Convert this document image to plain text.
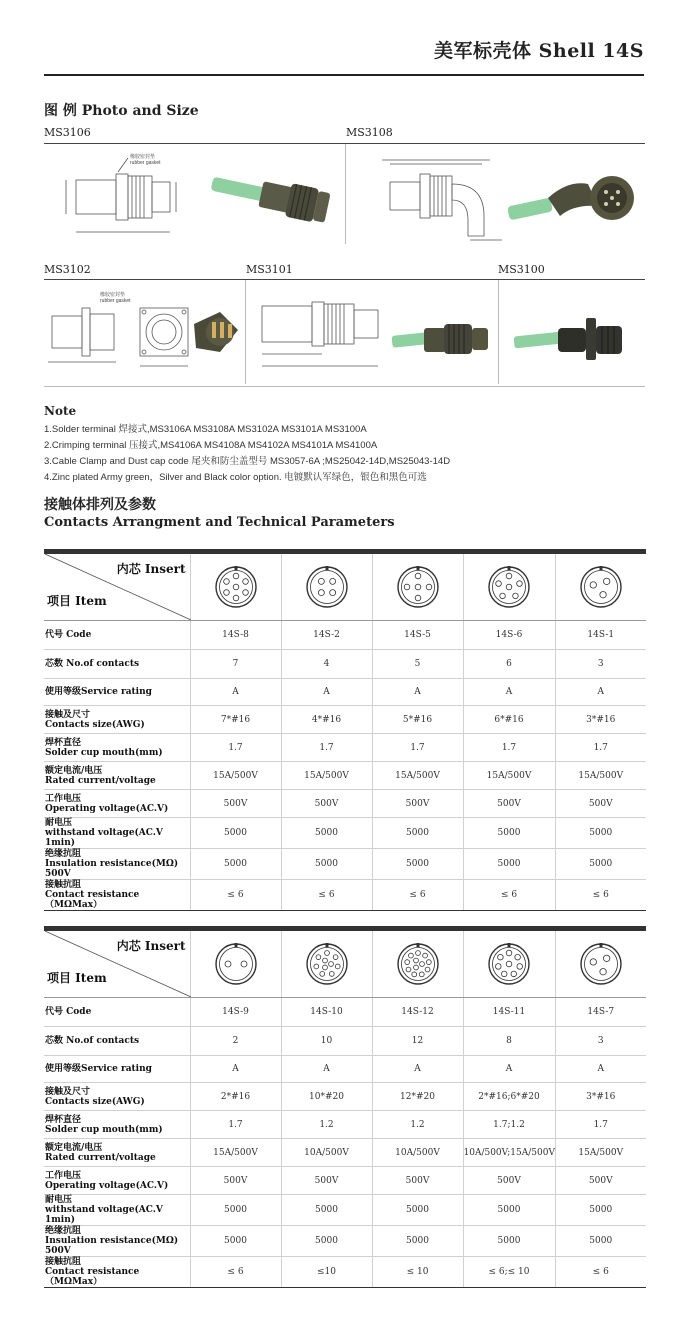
美军标壳体 Shell 14S
图 例 Photo and Size
MS3106	MS3108
MS3102	MS3101	MS3100
橡胶密封垫
rubber gasket
橡胶密封垫
rubber gasket
Note
1.Solder terminal 焊接式,MS3106A MS3108A MS3102A MS3101A MS3100A
2.Crimping terminal 压接式,MS4106A MS4108A MS4102A MS4101A MS4100A
3.Cable Clamp and Dust cap code 尾夹和防尘盖型号 MS3057-6A ;MS25042-14D,MS25043-14D
4.Zinc plated Army green，Silver and Black color option. 电镀默认军绿色，银色和黑色可选
接触体排列及参数
Contacts Arrangment and Technical Parameters
内芯 Insert
项目 Item

代号 Code	14S-8	14S-2	14S-5	14S-6	14S-1

芯数 No.of contacts	7	4	5	6	3

使用等级Service rating	A	A	A	A	A

接触及尺寸
Contacts size(AWG)	7*#16	4*#16	5*#16	6*#16	3*#16

焊杯直径
Solder cup mouth(mm)	1.7	1.7	1.7	1.7	1.7

额定电流/电压
Rated current/voltage	15A/500V	15A/500V	15A/500V	15A/500V	15A/500V

工作电压
Operating voltage(AC.V)	500V	500V	500V	500V	500V

耐电压
withstand voltage(AC.V 1min)	5000	5000	5000	5000	5000

绝缘抗阻
Insulation resistance(MΩ) 500V	5000	5000	5000	5000	5000

接触抗阻
Contact resistance（MΩMax）	≤ 6	≤ 6	≤ 6	≤ 6	≤ 6
内芯 Insert
项目 Item

代号 Code	14S-9	14S-10	14S-12	14S-11	14S-7

芯数 No.of contacts	2	10	12	8	3

使用等级Service rating	A	A	A	A	A

接触及尺寸
Contacts size(AWG)	2*#16	10*#20	12*#20	2*#16;6*#20	3*#16

焊杯直径
Solder cup mouth(mm)	1.7	1.2	1.2	1.7;1.2	1.7

额定电流/电压
Rated current/voltage	15A/500V	10A/500V	10A/500V	10A/500V;15A/500V	15A/500V

工作电压
Operating voltage(AC.V)	500V	500V	500V	500V	500V

耐电压
withstand voltage(AC.V 1min)	5000	5000	5000	5000	5000

绝缘抗阻
Insulation resistance(MΩ) 500V	5000	5000	5000	5000	5000

接触抗阻
Contact resistance（MΩMax）	≤ 6	≤10	≤ 10	≤ 6;≤ 10	≤ 6
